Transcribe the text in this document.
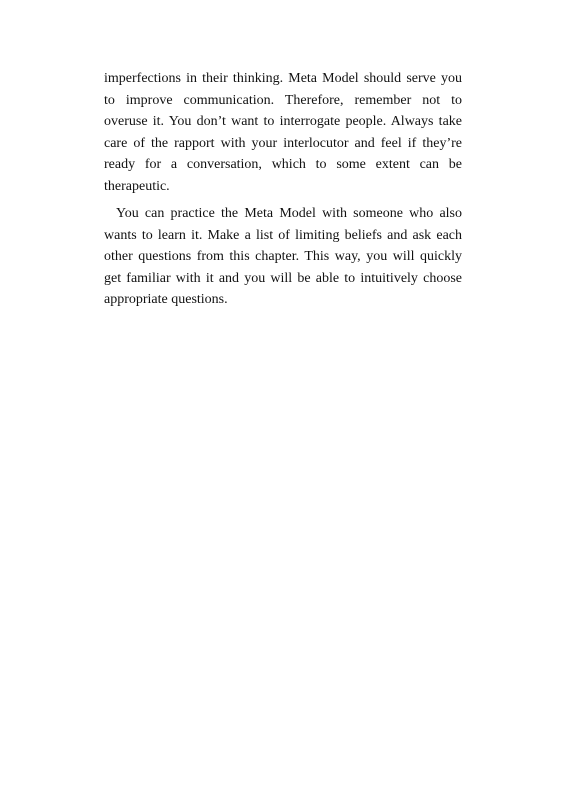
imperfections in their thinking. Meta Model should serve you to improve communication. Therefore, remember not to overuse it. You don’t want to interrogate people. Always take care of the rapport with your interlocutor and feel if they’re ready for a conversation, which to some extent can be therapeutic.

You can practice the Meta Model with someone who also wants to learn it. Make a list of limiting beliefs and ask each other questions from this chapter. This way, you will quickly get familiar with it and you will be able to intuitively choose appropriate questions.
